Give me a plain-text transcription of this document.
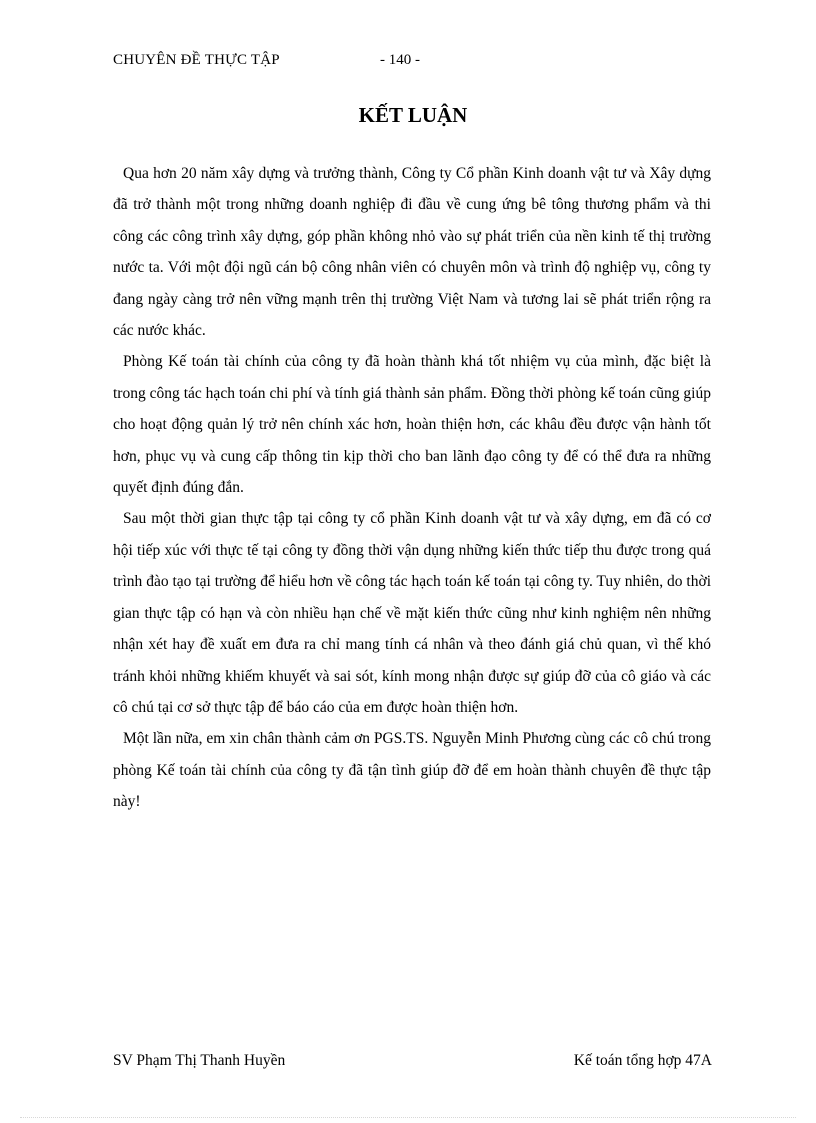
CHUYÊN ĐỀ THỰC TẬP	- 140 -
KẾT LUẬN

Qua hơn 20 năm xây dựng và trưởng thành, Công ty Cổ phần Kinh doanh vật tư và Xây dựng đã trở thành một trong những doanh nghiệp đi đầu về cung ứng bê tông thương phẩm và thi công các công trình xây dựng, góp phần không nhỏ vào sự phát triển của nền kinh tế thị trường nước ta. Với một đội ngũ cán bộ công nhân viên có chuyên môn và trình độ nghiệp vụ, công ty đang ngày càng trở nên vững mạnh trên thị trường Việt Nam và tương lai sẽ phát triển rộng ra các nước khác.

Phòng Kế toán tài chính của công ty đã hoàn thành khá tốt nhiệm vụ của mình, đặc biệt là trong công tác hạch toán chi phí và tính giá thành sản phẩm. Đồng thời phòng kế toán cũng giúp cho hoạt động quản lý trở nên chính xác hơn, hoàn thiện hơn, các khâu đều được vận hành tốt hơn, phục vụ và cung cấp thông tin kịp thời cho ban lãnh đạo công ty để có thể đưa ra những quyết định đúng đắn.

Sau một thời gian thực tập tại công ty cổ phần Kinh doanh vật tư và xây dựng, em đã có cơ hội tiếp xúc với thực tế tại công ty đồng thời vận dụng những kiến thức tiếp thu được trong quá trình đào tạo tại trường để hiểu hơn về công tác hạch toán kế toán tại công ty. Tuy nhiên, do thời gian thực tập có hạn và còn nhiều hạn chế về mặt kiến thức cũng như kinh nghiệm nên những nhận xét hay đề xuất em đưa ra chỉ mang tính cá nhân và theo đánh giá chủ quan, vì thế khó tránh khỏi những khiếm khuyết và sai sót, kính mong nhận được sự giúp đỡ của cô giáo và các cô chú tại cơ sở thực tập để báo cáo của em được hoàn thiện hơn.

Một lần nữa, em xin chân thành cảm ơn PGS.TS. Nguyễn Minh Phương cùng các cô chú trong phòng Kế toán tài chính của công ty đã tận tình giúp đỡ để em hoàn thành chuyên đề thực tập này!

SV Phạm Thị Thanh Huyền	Kế toán tổng hợp 47A
